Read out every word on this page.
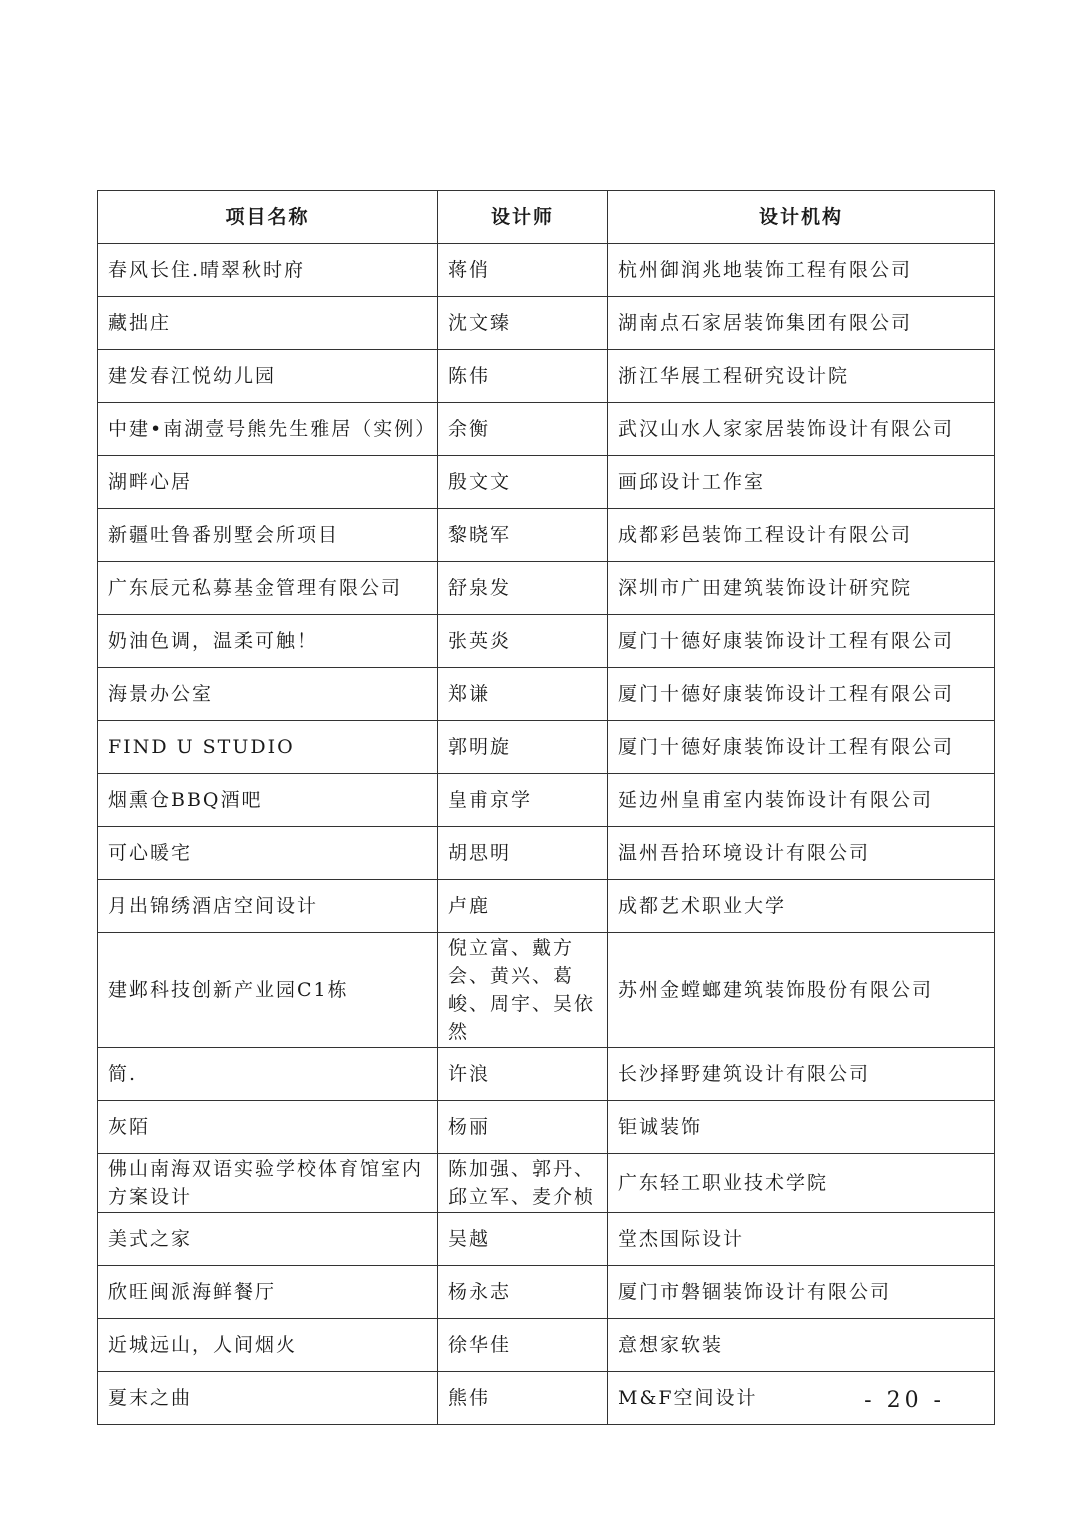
项目名称	设计师	设计机构
春风长住.晴翠秋时府	蒋俏	杭州御润兆地装饰工程有限公司
藏拙庄	沈文臻	湖南点石家居装饰集团有限公司
建发春江悦幼儿园	陈伟	浙江华展工程研究设计院
中建•南湖壹号熊先生雅居（实例）	余衡	武汉山水人家家居装饰设计有限公司
湖畔心居	殷文文	画邱设计工作室
新疆吐鲁番别墅会所项目	黎晓军	成都彩邑装饰工程设计有限公司
广东辰元私募基金管理有限公司	舒泉发	深圳市广田建筑装饰设计研究院
奶油色调，温柔可触！	张英炎	厦门十德好康装饰设计工程有限公司
海景办公室	郑谦	厦门十德好康装饰设计工程有限公司
FIND U STUDIO	郭明旋	厦门十德好康装饰设计工程有限公司
烟熏仓BBQ酒吧	皇甫京学	延边州皇甫室内装饰设计有限公司
可心暖宅	胡思明	温州吾拾环境设计有限公司
月出锦绣酒店空间设计	卢鹿	成都艺术职业大学
建邺科技创新产业园C1栋	倪立富、戴方会、黄兴、葛峻、周宇、吴依然	苏州金螳螂建筑装饰股份有限公司
简.	许浪	长沙择野建筑设计有限公司
灰陌	杨丽	钜诚装饰
佛山南海双语实验学校体育馆室内方案设计	陈加强、郭丹、邱立军、麦介桢	广东轻工职业技术学院
美式之家	吴越	堂杰国际设计
欣旺闽派海鲜餐厅	杨永志	厦门市磐锢装饰设计有限公司
近城远山，人间烟火	徐华佳	意想家软装
夏末之曲	熊伟	M&F空间设计	- 20 -
